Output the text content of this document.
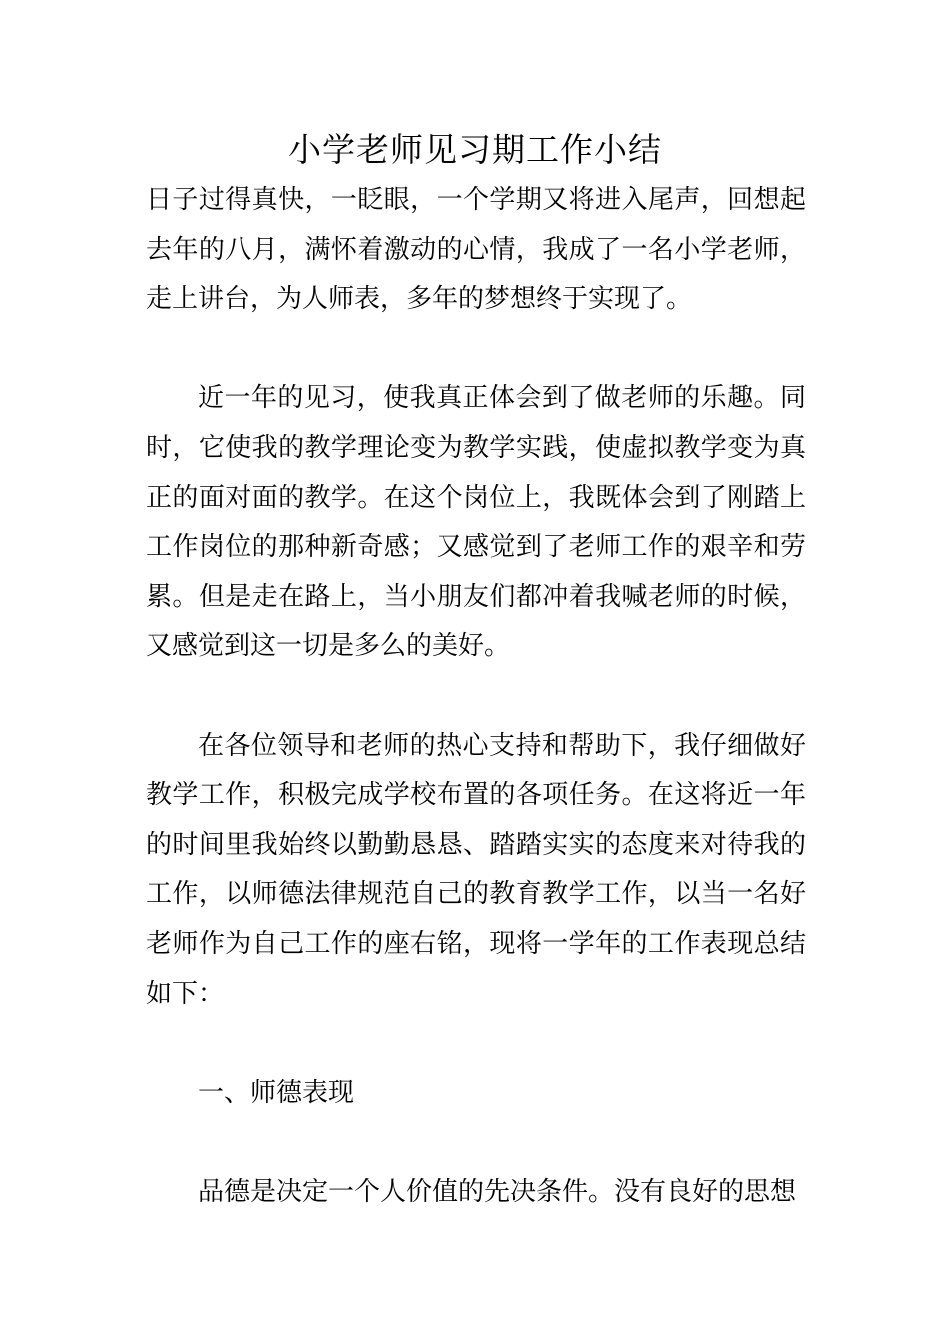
小学老师见习期工作小结

日子过得真快，一眨眼，一个学期又将进入尾声，回想起去年的八月，满怀着激动的心情，我成了一名小学老师，走上讲台，为人师表，多年的梦想终于实现了。

近一年的见习，使我真正体会到了做老师的乐趣。同时，它使我的教学理论变为教学实践，使虚拟教学变为真正的面对面的教学。在这个岗位上，我既体会到了刚踏上工作岗位的那种新奇感；又感觉到了老师工作的艰辛和劳累。但是走在路上，当小朋友们都冲着我喊老师的时候，又感觉到这一切是多么的美好。

在各位领导和老师的热心支持和帮助下，我仔细做好教学工作，积极完成学校布置的各项任务。在这将近一年的时间里我始终以勤勤恳恳、踏踏实实的态度来对待我的工作，以师德法律规范自己的教育教学工作，以当一名好老师作为自己工作的座右铭，现将一学年的工作表现总结如下：

一、师德表现

品德是决定一个人价值的先决条件。没有良好的思想
